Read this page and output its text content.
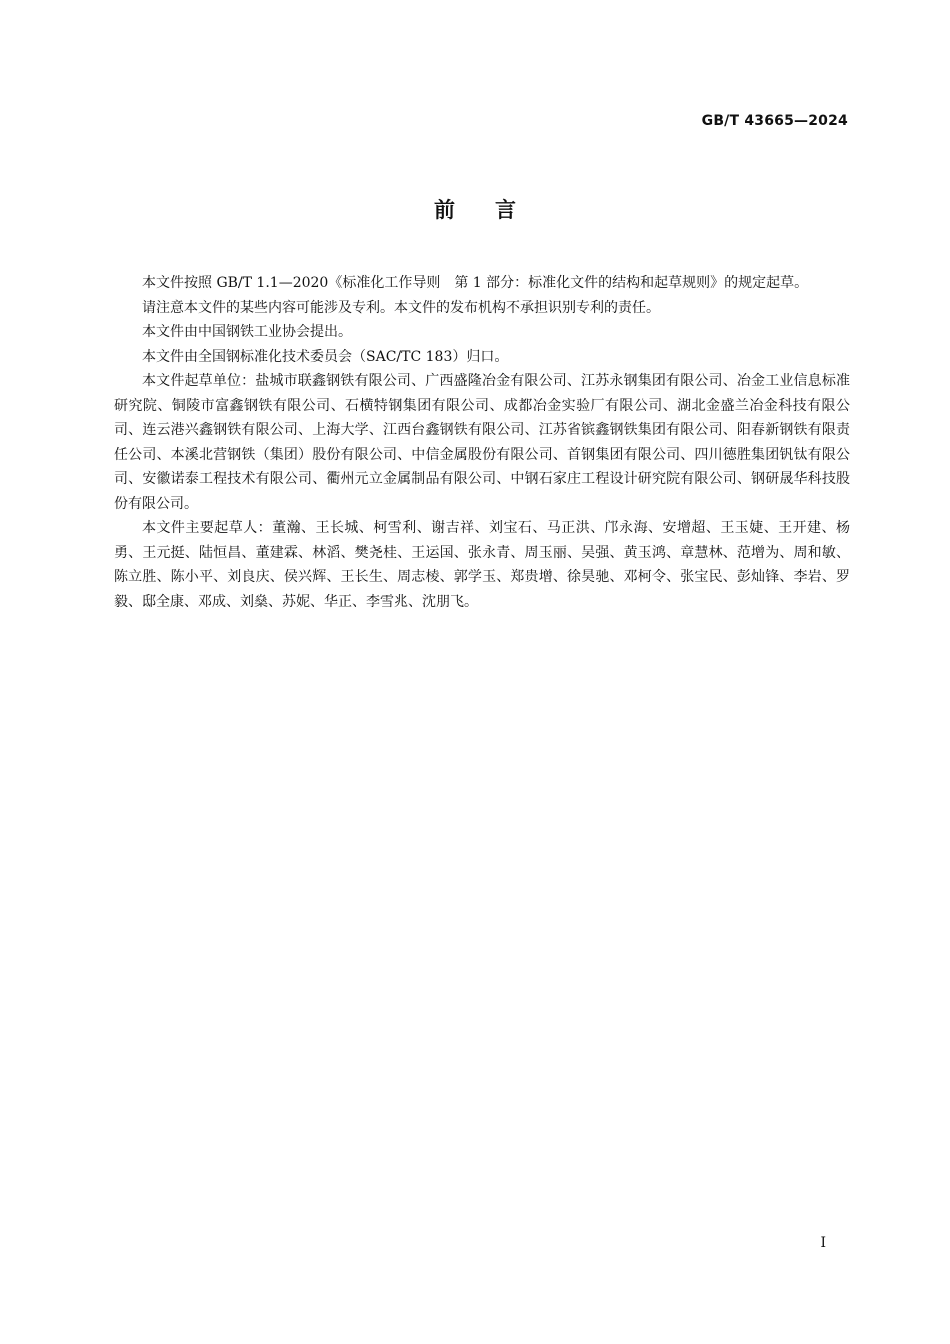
GB/T 43665—2024
前言

本文件按照 GB/T 1.1—2020《标准化工作导则　第 1 部分：标准化文件的结构和起草规则》的规定起草。

请注意本文件的某些内容可能涉及专利。本文件的发布机构不承担识别专利的责任。

本文件由中国钢铁工业协会提出。

本文件由全国钢标准化技术委员会（SAC/TC 183）归口。

本文件起草单位：盐城市联鑫钢铁有限公司、广西盛隆冶金有限公司、江苏永钢集团有限公司、冶金工业信息标准研究院、铜陵市富鑫钢铁有限公司、石横特钢集团有限公司、成都冶金实验厂有限公司、湖北金盛兰冶金科技有限公司、连云港兴鑫钢铁有限公司、上海大学、江西台鑫钢铁有限公司、江苏省镔鑫钢铁集团有限公司、阳春新钢铁有限责任公司、本溪北营钢铁（集团）股份有限公司、中信金属股份有限公司、首钢集团有限公司、四川德胜集团钒钛有限公司、安徽诺泰工程技术有限公司、衢州元立金属制品有限公司、中钢石家庄工程设计研究院有限公司、钢研晟华科技股份有限公司。

本文件主要起草人：董瀚、王长城、柯雪利、谢吉祥、刘宝石、马正洪、邝永海、安增超、王玉婕、王开建、杨勇、王元挺、陆恒昌、董建霖、林滔、樊尧桂、王运国、张永青、周玉丽、吴强、黄玉鸿、章慧林、范增为、周和敏、陈立胜、陈小平、刘良庆、侯兴辉、王长生、周志棱、郭学玉、郑贵增、徐昊驰、邓柯令、张宝民、彭灿锋、李岩、罗毅、邸全康、邓成、刘燊、苏妮、华正、李雪兆、沈朋飞。

I
